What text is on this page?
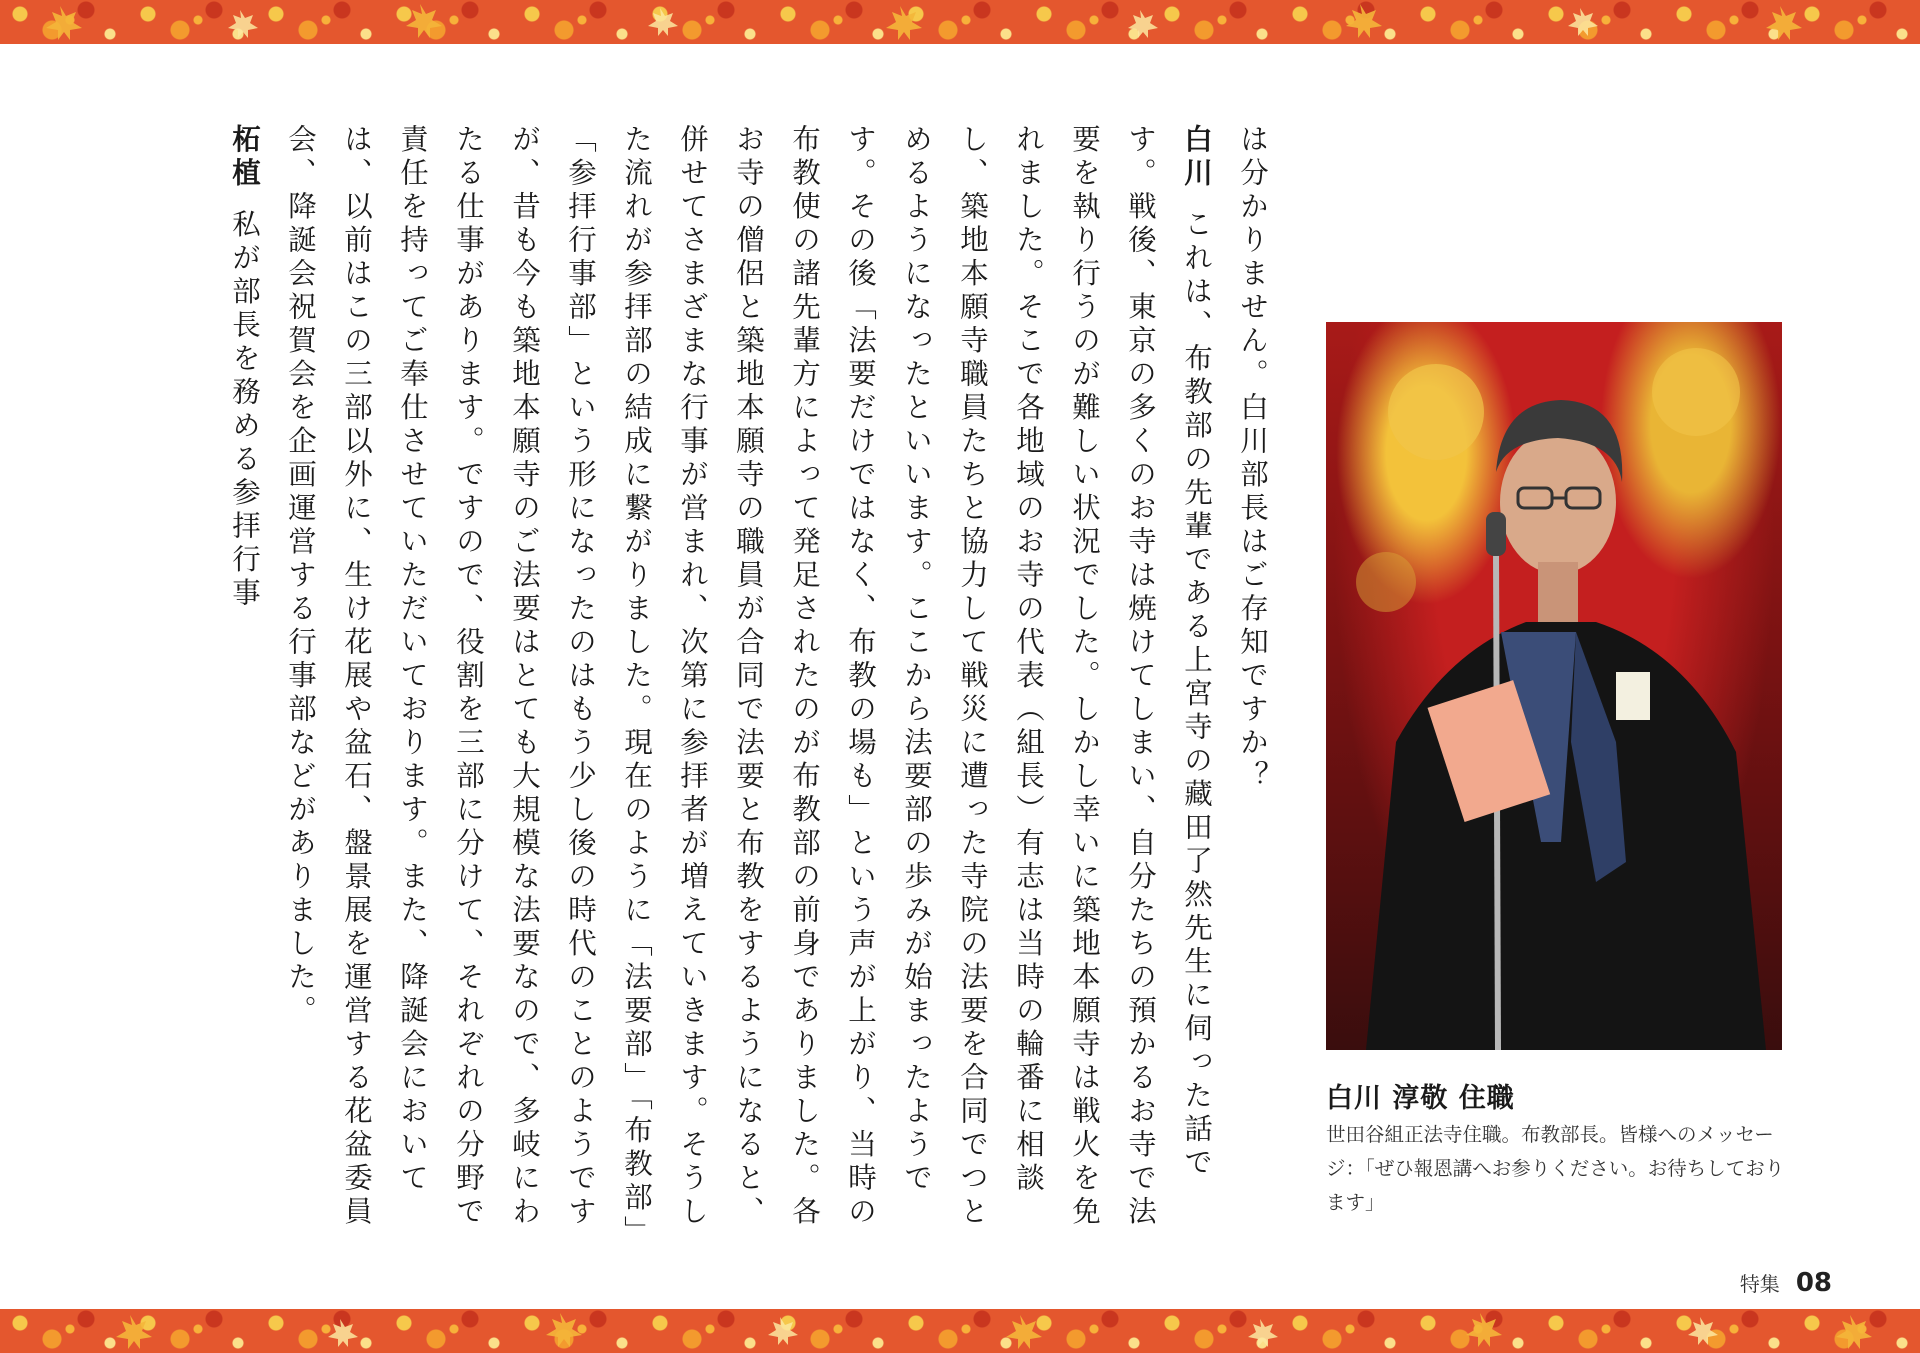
は分かりません。白川部長はご存知ですか？

白川これは、布教部の先輩である上宮寺の藏田了然先生に伺った話です。戦後、東京の多くのお寺は焼けてしまい、自分たちの預かるお寺で法要を執り行うのが難しい状況でした。しかし幸いに築地本願寺は戦火を免れました。そこで各地域のお寺の代表（組長）有志は当時の輪番に相談し、築地本願寺職員たちと協力して戦災に遭った寺院の法要を合同でつとめるようになったといいます。ここから法要部の歩みが始まったようです。その後「法要だけではなく、布教の場も」という声が上がり、当時の布教使の諸先輩方によって発足されたのが布教部の前身でありました。各お寺の僧侶と築地本願寺の職員が合同で法要と布教をするようになると、併せてさまざまな行事が営まれ、次第に参拝者が増えていきます。そうした流れが参拝部の結成に繋がりました。現在のように「法要部」「布教部」「参拝行事部」という形になったのはもう少し後の時代のことのようですが、昔も今も築地本願寺のご法要はとても大規模な法要なので、多岐にわたる仕事があります。ですので、役割を三部に分けて、それぞれの分野で責任を持ってご奉仕させていただいております。また、降誕会においては、以前はこの三部以外に、生け花展や盆石、盤景展を運営する花盆委員会、降誕会祝賀会を企画運営する行事部などがありました。

柘植私が部長を務める参拝行事

白川 淳敬 住職
世田谷組正法寺住職。布教部長。皆様へのメッセージ：「ぜひ報恩講へお参りください。お待ちしております」
特集 08
